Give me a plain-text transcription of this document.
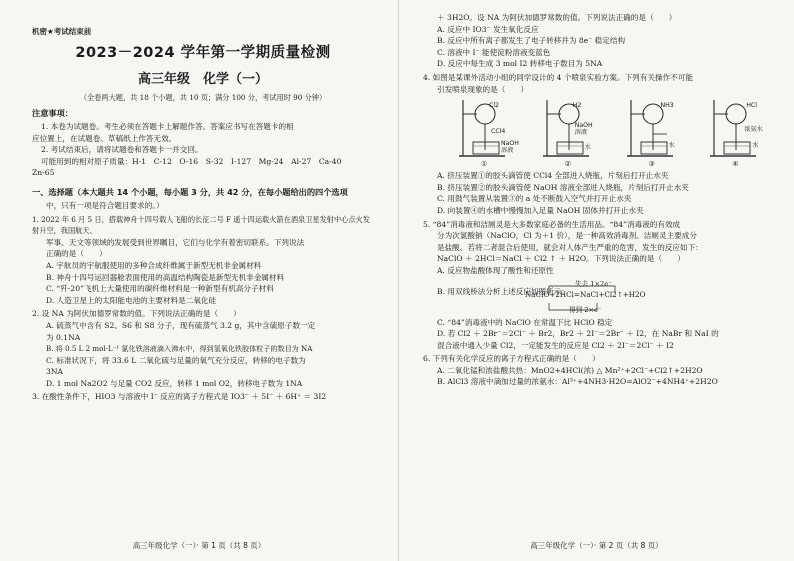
机密★考试结束前
2023－2024 学年第一学期质量检测
高三年级　化学（一）
（全卷两大题，共 18 个小题，共 10 页；满分 100 分，考试用时 90 分钟）
注意事项：

1. 本卷为试题卷。考生必须在答题卡上解题作答。答案应书写在答题卡的相

应位置上，在试题卷、草稿纸上作答无效。

2. 考试结束后，请将试题卷和答题卡一并交回。

可能用到的相对原子质量：H-1　C-12　O-16　S-32　I-127　Mg-24　Al-27　Ca-40

Zn-65

一、选择题（本大题共 14 个小题，每小题 3 分，共 42 分，在每小题给出的四个选项

中，只有一项是符合题目要求的。）

1. 2022 年 6 月 5 日，搭载神舟十四号载人飞船的长征二号 F 遥十四运载火箭在酒泉卫星发射中心点火发射升空，我国航天、

军事、天文等领域的发展受到世界瞩目，它们与化学有着密切联系。下列说法

正确的是（　　）

A. 宇航员的宇航服使用的多种合成纤维属于新型无机非金属材料

B. 神舟十四号运回器舱表面使用的高温结构陶瓷是新型无机非金属材料

C. “歼-20”飞机上大量使用的碳纤维材料是一种新型有机高分子材料

D. 人造卫星上的太阳能电池的主要材料是二氧化硅

2. 设 NA 为阿伏加德罗常数的值。下列说法正确的是（　　）

A. 硫蒸气中含有 S2、S6 和 S8 分子，现有硫蒸气 3.2 g，其中含硫原子数一定

为 0.1NA

B. 将 0.5 L 2 mol·L⁻¹ 氯化铁溶液滴入沸水中，得到氢氧化铁胶体粒子的数目为 NA

C. 标准状况下，将 33.6 L 二氧化硫与足量的氧气充分反应，转移的电子数为

3NA

D. 1 mol Na2O2 与足量 CO2 反应，转移 1 mol O2，转移电子数为 1NA

3. 在酸性条件下，HIO3 与溶液中 I⁻ 反应的离子方程式是 IO3⁻ ＋ 5I⁻ ＋ 6H⁺ ＝ 3I2

高三年级化学（一）· 第 1 页（共 8 页）

＋ 3H2O。设 NA 为阿伏加德罗常数的值。下列说法正确的是（　　）

A. 反应中 IO3⁻ 发生氧化反应

B. 反应中所有离子都发生了电子转移并为 8e⁻ 稳定结构

C. 溶液中 I⁻ 能使淀粉溶液变蓝色

D. 反应中每生成 3 mol I2 转移电子数目为 5NA

4. 如图是某课外活动小组的同学设计的 4 个喷泉实验方案。下列有关操作不可能

引发喷泉现象的是（　　）

Cl2
CCl4
NaOH 溶液
①
H2
NaOH 溶液
水
②
NH3
水
③
HCl
浓氨水
水
④

A. 挤压装置①的胶头滴管使 CCl4 全部进入烧瓶，片刻后打开止水夹

B. 挤压装置②的胶头滴管使 NaOH 溶液全部进入烧瓶，片刻后打开止水夹

C. 用鼓气装置从装置③的 a 处不断鼓入空气并打开止水夹

D. 向装置④的水槽中慢慢加入足量 NaOH 固体并打开止水夹

5. “84”消毒液和洁厕灵是大多数家庭必备的生活用品。“84”消毒液的有效成

分为次氯酸钠（NaClO，Cl 为＋1 价），是一种高效消毒剂。洁厕灵主要成分

是盐酸。若将二者混合后使用，就会对人体产生严重的危害，发生的反应如下：

NaClO ＋ 2HCl＝NaCl ＋ Cl2 ↑ ＋ H2O。下列说法正确的是（　　）

A. 反应物盐酸体现了酸性和还原性

B. 用双线桥法分析上述反应如图所示：
失去 1×2e⁻
NaClO+2HCl=NaCl+Cl2↑+H2O
得到 2×e⁻

C. “84”消毒液中的 NaClO 在常温下比 HClO 稳定

D. 若 Cl2 ＋ 2Br⁻＝2Cl⁻ ＋ Br2，Br2 ＋ 2I⁻＝2Br⁻ ＋ I2，在 NaBr 和 NaI 的

混合液中通入少量 Cl2，一定能发生的反应是 Cl2 ＋ 2I⁻＝2Cl⁻ ＋ I2

6. 下列有关化学反应的离子方程式正确的是（　　）

A. 二氧化锰和浓盐酸共热：MnO2+4HCl(浓) △ Mn²⁺+2Cl⁻+Cl2↑+2H2O

B. AlCl3 溶液中滴加过量的浓氨水：Al³⁺+4NH3·H2O=AlO2⁻+4NH4⁺+2H2O

高三年级化学（一）· 第 2 页（共 8 页）
